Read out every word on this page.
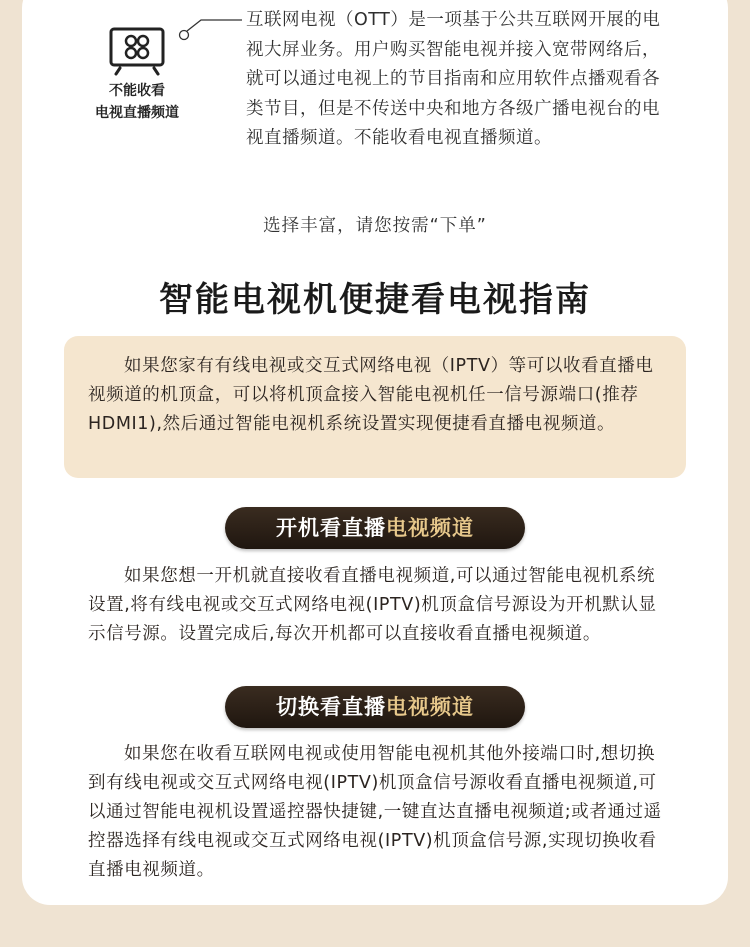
不能收看
电视直播频道
互联网电视（OTT）是一项基于公共互联网开展的电视大屏业务。用户购买智能电视并接入宽带网络后，就可以通过电视上的节目指南和应用软件点播观看各类节目，但是不传送中央和地方各级广播电视台的电视直播频道。不能收看电视直播频道。
选择丰富，请您按需“下单”
智能电视机便捷看电视指南
如果您家有有线电视或交互式网络电视（IPTV）等可以收看直播电视频道的机顶盒，可以将机顶盒接入智能电视机任一信号源端口(推荐HDMI1),然后通过智能电视机系统设置实现便捷看直播电视频道。
开机看直播电视频道
如果您想一开机就直接收看直播电视频道,可以通过智能电视机系统设置,将有线电视或交互式网络电视(IPTV)机顶盒信号源设为开机默认显示信号源。设置完成后,每次开机都可以直接收看直播电视频道。
切换看直播电视频道
如果您在收看互联网电视或使用智能电视机其他外接端口时,想切换到有线电视或交互式网络电视(IPTV)机顶盒信号源收看直播电视频道,可以通过智能电视机设置遥控器快捷键,一键直达直播电视频道;或者通过遥控器选择有线电视或交互式网络电视(IPTV)机顶盒信号源,实现切换收看直播电视频道。
